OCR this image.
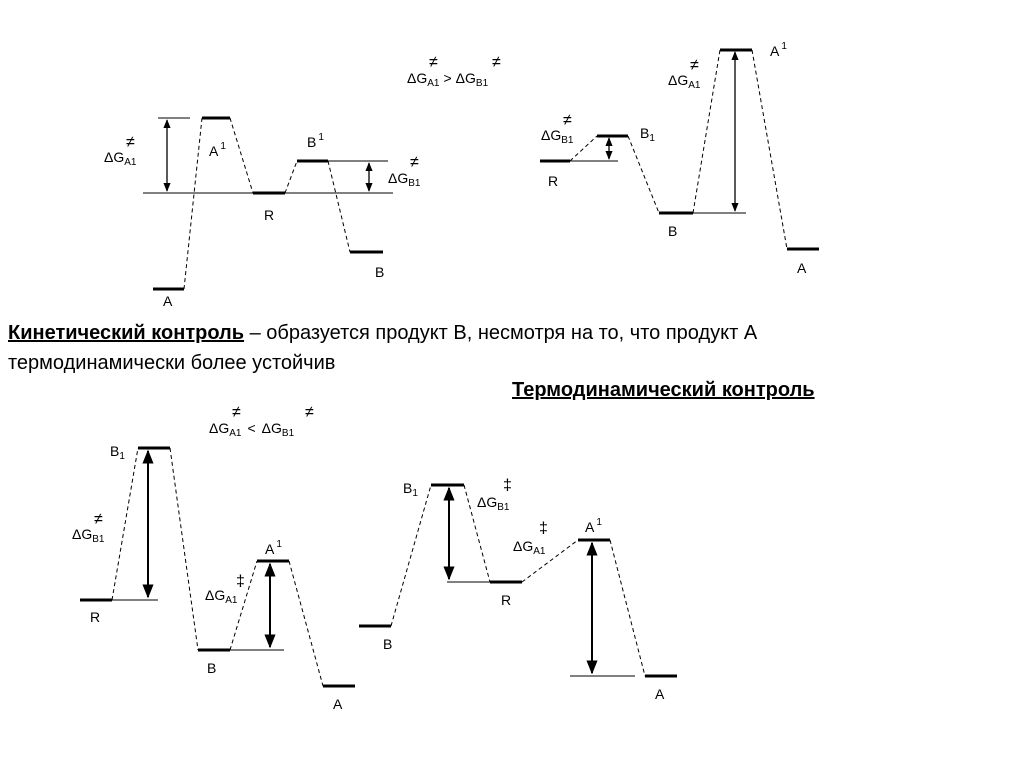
$\Delta G_{A1} > \Delta G_{B1}$
≠	≠
A
R
B
A $^1$	B $^1$
$\Delta G_{A1}$
≠
$\Delta G_{B1}$
≠
R
B
A
$B_1$
A $^1$
$\Delta G_{B1}$
≠
$\Delta G_{A1}$
≠
$\Delta G_{A1} < \Delta G_{B1}$
≠	≠
R
B
A
$B_1$
A $^1$
$\Delta G_{B1}$
≠
$\Delta G_{A1}$
‡
B
R
A
$B_1$
A $^1$
$\Delta G_{B1}$
‡
$\Delta G_{A1}$
‡
Кинетический контроль – образуется продукт B, несмотря на то, что продукт А
термодинамически более устойчив
Термодинамический контроль
